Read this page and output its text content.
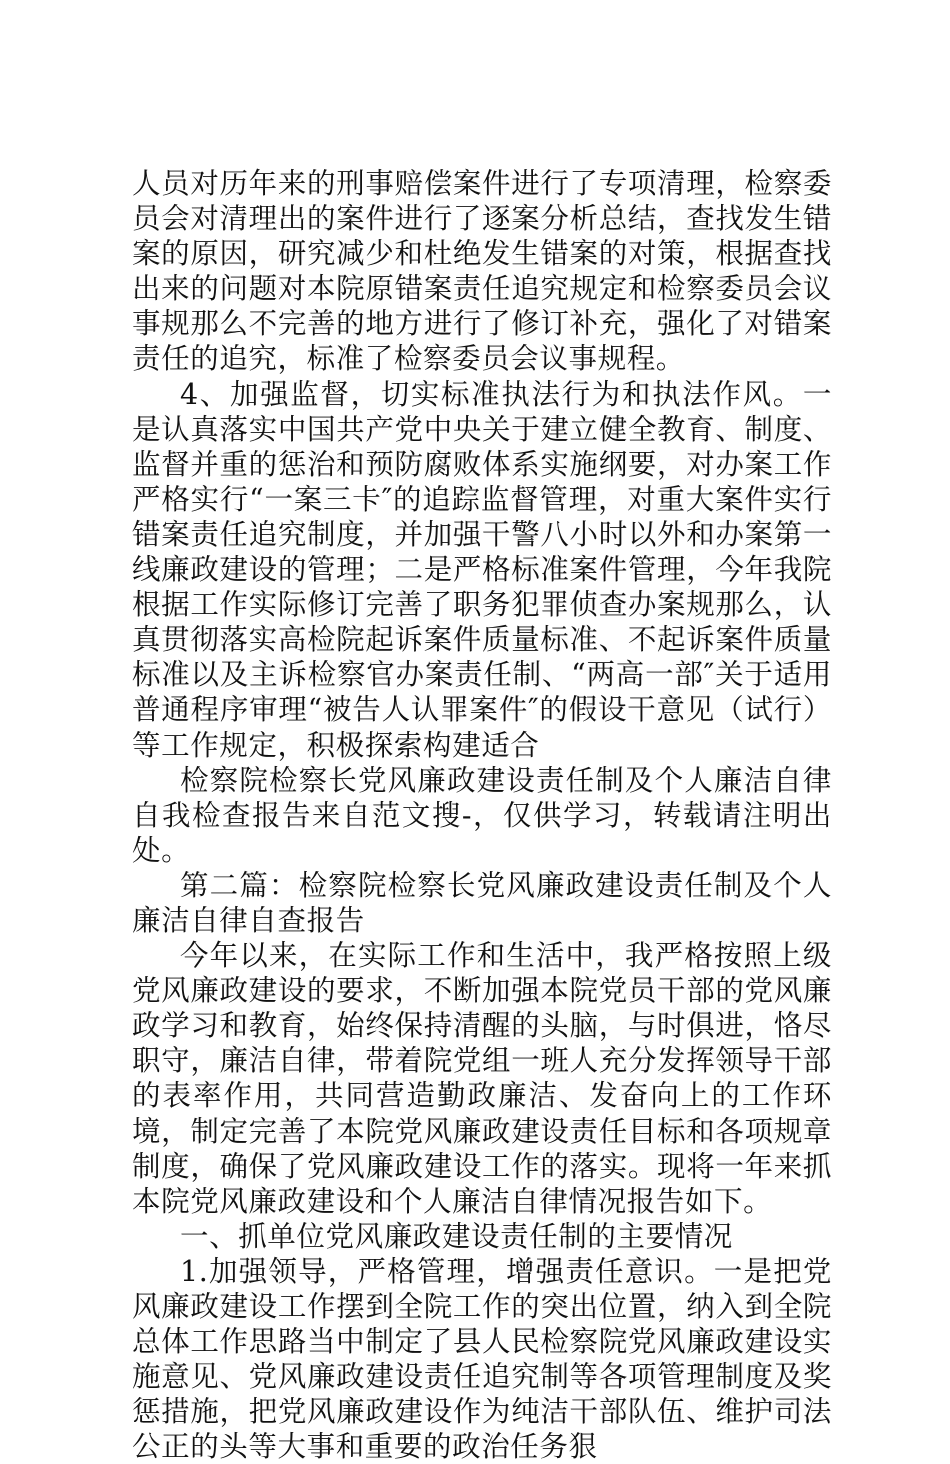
人员对历年来的刑事赔偿案件进行了专项清理，检察委员会对清理出的案件进行了逐案分析总结，查找发生错案的原因，研究减少和杜绝发生错案的对策，根据查找出来的问题对本院原错案责任追究规定和检察委员会议事规那么不完善的地方进行了修订补充，强化了对错案责任的追究，标准了检察委员会议事规程。

4、加强监督，切实标准执法行为和执法作风。一是认真落实中国共产党中央关于建立健全教育、制度、监督并重的惩治和预防腐败体系实施纲要，对办案工作严格实行“一案三卡″的追踪监督管理，对重大案件实行错案责任追究制度，并加强干警八小时以外和办案第一线廉政建设的管理；二是严格标准案件管理，今年我院根据工作实际修订完善了职务犯罪侦查办案规那么，认真贯彻落实高检院起诉案件质量标准、不起诉案件质量标准以及主诉检察官办案责任制、“两高一部″关于适用普通程序审理“被告人认罪案件″的假设干意见（试行）等工作规定，积极探索构建适合

检察院检察长党风廉政建设责任制及个人廉洁自律自我检查报告来自范文搜-，仅供学习，转载请注明出处。

第二篇：检察院检察长党风廉政建设责任制及个人廉洁自律自查报告

今年以来，在实际工作和生活中，我严格按照上级党风廉政建设的要求，不断加强本院党员干部的党风廉政学习和教育，始终保持清醒的头脑，与时俱进，恪尽职守，廉洁自律，带着院党组一班人充分发挥领导干部的表率作用，共同营造勤政廉洁、发奋向上的工作环境，制定完善了本院党风廉政建设责任目标和各项规章制度，确保了党风廉政建设工作的落实。现将一年来抓本院党风廉政建设和个人廉洁自律情况报告如下。

一、抓单位党风廉政建设责任制的主要情况

1.加强领导，严格管理，增强责任意识。一是把党风廉政建设工作摆到全院工作的突出位置，纳入到全院总体工作思路当中制定了县人民检察院党风廉政建设实施意见、党风廉政建设责任追究制等各项管理制度及奖惩措施，把党风廉政建设作为纯洁干部队伍、维护司法公正的头等大事和重要的政治任务狠
